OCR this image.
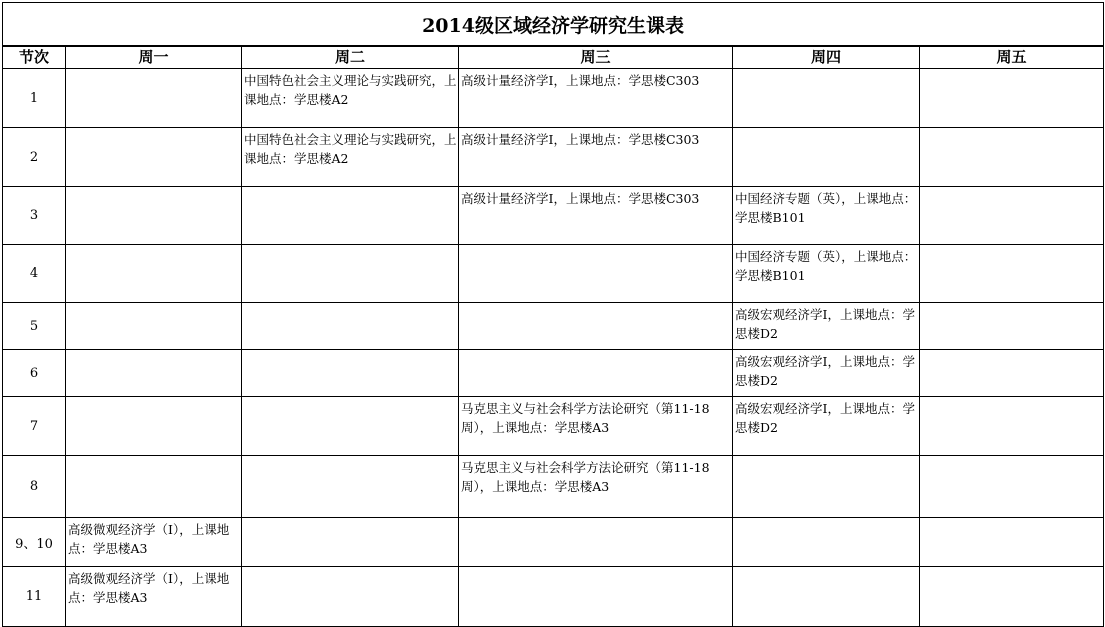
2014级区域经济学研究生课表					
节次	周一	周二	周三	周四	周五
1		中国特色社会主义理论与实践研究，上课地点：学思楼A2	高级计量经济学I，上课地点：学思楼C303		
2		中国特色社会主义理论与实践研究，上课地点：学思楼A2	高级计量经济学I，上课地点：学思楼C303		
3			高级计量经济学I，上课地点：学思楼C303	中国经济专题（英），上课地点：学思楼B101	
4				中国经济专题（英），上课地点：学思楼B101	
5				高级宏观经济学I，上课地点：学思楼D2	
6				高级宏观经济学I，上课地点：学思楼D2	
7			马克思主义与社会科学方法论研究（第11-18周），上课地点：学思楼A3	高级宏观经济学I，上课地点：学思楼D2	
8			马克思主义与社会科学方法论研究（第11-18周），上课地点：学思楼A3		
9、10	高级微观经济学（I），上课地点：学思楼A3				
11	高级微观经济学（I），上课地点：学思楼A3				
